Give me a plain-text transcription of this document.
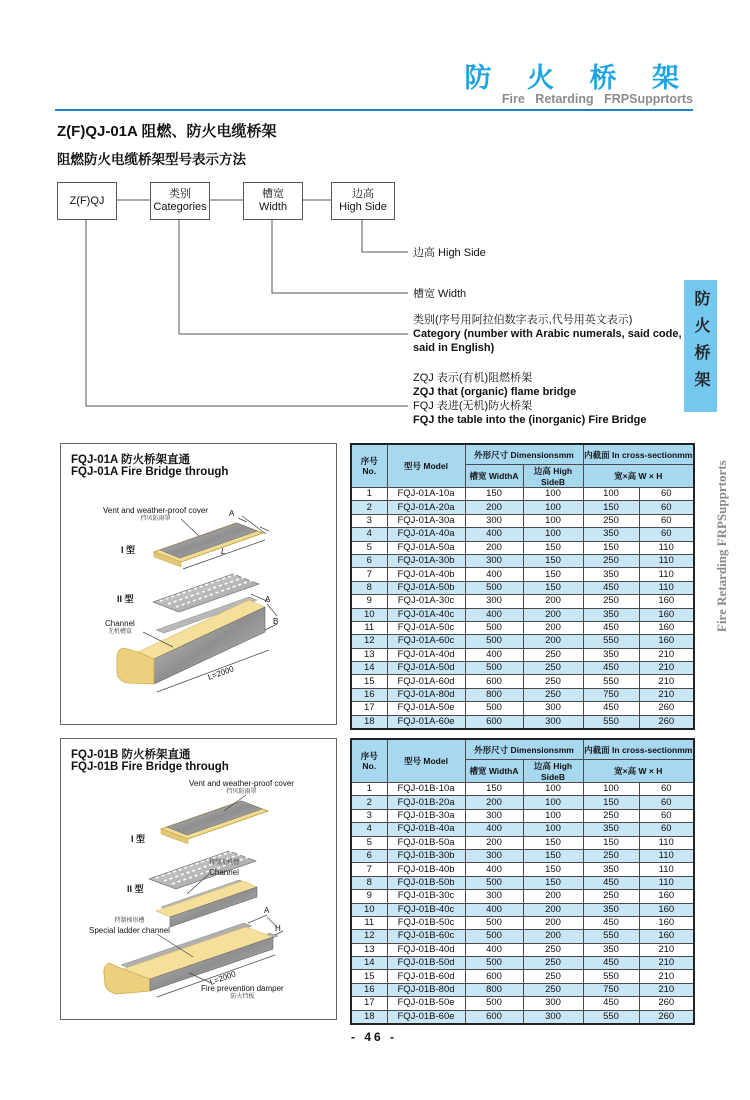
防 火 桥 架
Fire Retarding FRPSupprtorts
Z(F)QJ-01A 阻燃、防火电缆桥架
阻燃防火电缆桥架型号表示方法
Z(F)QJ
类别
Categories
槽宽
Width
边高
High Side
边高 High Side
槽宽 Width
类别(序号用阿拉伯数字表示,代号用英文表示)
Category (number with Arabic numerals, said code,
said in English)
ZQJ 表示(有机)阻燃桥架
ZQJ that (organic) flame bridge
FQJ 表进(无机)防火桥架
FQJ the table into the (inorganic) Fire Bridge
防火桥架
Fire Retarding FRPSupprtorts
FQJ-01A 防火桥架直通
FQJ-01A Fire Bridge through
A
L
A
B
L=2000
Vent and weather-proof cover
挡风防雨罩
I 型
II 型
Channel
无机槽盒
序号
No.	型号 Model	外形尺寸 Dimensionsmm		内截面 In cross-sectionmm	
		槽宽 WidthA	边高 High SideB	宽×高 W × H	
1	FQJ-01A-10a	150	100	100	60
2	FQJ-01A-20a	200	100	150	60
3	FQJ-01A-30a	300	100	250	60
4	FQJ-01A-40a	400	100	350	60
5	FQJ-01A-50a	200	150	150	110
6	FQJ-01A-30b	300	150	250	110
7	FQJ-01A-40b	400	150	350	110
8	FQJ-01A-50b	500	150	450	110
9	FQJ-01A-30c	300	200	250	160
10	FQJ-01A-40c	400	200	350	160
11	FQJ-01A-50c	500	200	450	160
12	FQJ-01A-60c	500	200	550	160
13	FQJ-01A-40d	400	250	350	210
14	FQJ-01A-50d	500	250	450	210
15	FQJ-01A-60d	600	250	550	210
16	FQJ-01A-80d	800	250	750	210
17	FQJ-01A-50e	500	300	450	260
18	FQJ-01A-60e	600	300	550	260
FQJ-01B 防火桥架直通
FQJ-01B Fire Bridge through
A
H
L=2000
Vent and weather-proof cover
挡风防雨罩
I 型
II 型
特制无机槽
Channel
特制梯形槽
Special ladder channel
Fire prevention damper
防火挡板
序号
No.	型号 Model	外形尺寸 Dimensionsmm		内截面 In cross-sectionmm	
		槽宽 WidthA	边高 High SideB	宽×高 W × H	
1	FQJ-01B-10a	150	100	100	60
2	FQJ-01B-20a	200	100	150	60
3	FQJ-01B-30a	300	100	250	60
4	FQJ-01B-40a	400	100	350	60
5	FQJ-01B-50a	200	150	150	110
6	FQJ-01B-30b	300	150	250	110
7	FQJ-01B-40b	400	150	350	110
8	FQJ-01B-50b	500	150	450	110
9	FQJ-01B-30c	300	200	250	160
10	FQJ-01B-40c	400	200	350	160
11	FQJ-01B-50c	500	200	450	160
12	FQJ-01B-60c	500	200	550	160
13	FQJ-01B-40d	400	250	350	210
14	FQJ-01B-50d	500	250	450	210
15	FQJ-01B-60d	600	250	550	210
16	FQJ-01B-80d	800	250	750	210
17	FQJ-01B-50e	500	300	450	260
18	FQJ-01B-60e	600	300	550	260
- 46 -
